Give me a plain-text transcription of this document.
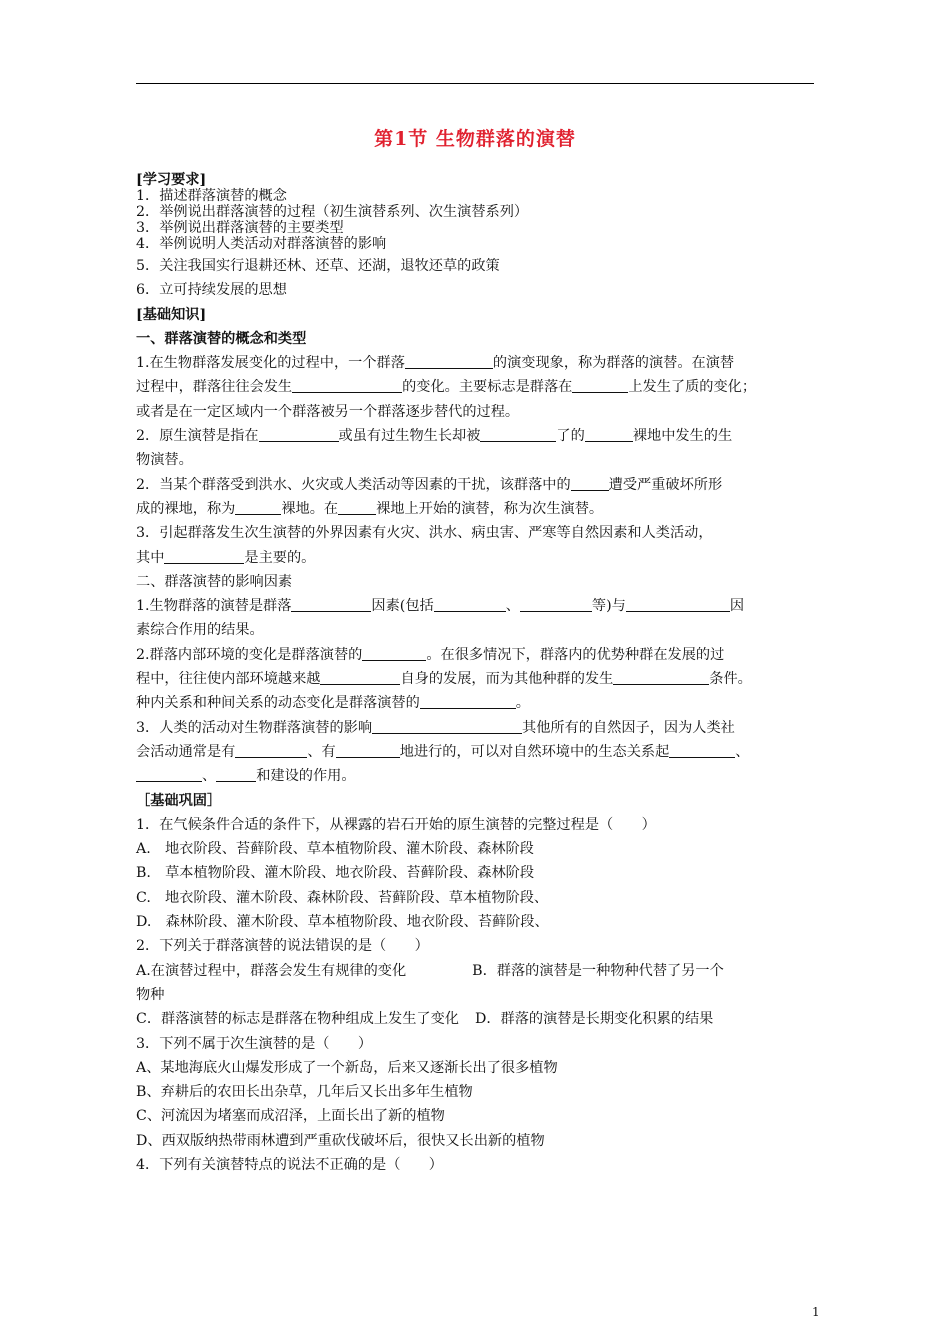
第1节 生物群落的演替
[学习要求]
1．描述群落演替的概念
2．举例说出群落演替的过程（初生演替系列、次生演替系列）
3．举例说出群落演替的主要类型
4．举例说明人类活动对群落演替的影响
5．关注我国实行退耕还林、还草、还湖，退牧还草的政策
6．立可持续发展的思想
[基础知识]
一、群落演替的概念和类型
1.在生物群落发展变化的过程中，一个群落	的演变现象，称为群落的演替。在演替
过程中，群落往往会发生	的变化。主要标志是群落在	上发生了质的变化；
或者是在一定区域内一个群落被另一个群落逐步替代的过程。
2．原生演替是指在	或虽有过生物生长却被	了的	裸地中发生的生
物演替。
2．当某个群落受到洪水、火灾或人类活动等因素的干扰，该群落中的	遭受严重破坏所形
成的裸地，称为	裸地。在	裸地上开始的演替，称为次生演替。
3．引起群落发生次生演替的外界因素有火灾、洪水、病虫害、严寒等自然因素和人类活动，
其中	是主要的。
二、群落演替的影响因素
1.生物群落的演替是群落	因素(包括	、	等)与	因
素综合作用的结果。
2.群落内部环境的变化是群落演替的	。在很多情况下，群落内的优势种群在发展的过
程中，往往使内部环境越来越	自身的发展，而为其他种群的发生	条件。
种内关系和种间关系的动态变化是群落演替的	。
3．人类的活动对生物群落演替的影响	其他所有的自然因子，因为人类社
会活动通常是有	、有	地进行的，可以对自然环境中的生态关系起	、
、	和建设的作用。
［基础巩固］
1．在气候条件合适的条件下，从裸露的岩石开始的原生演替的完整过程是（　　）
A.　地衣阶段、苔藓阶段、草本植物阶段、灌木阶段、森林阶段
B.　草本植物阶段、灌木阶段、地衣阶段、苔藓阶段、森林阶段
C.　地衣阶段、灌木阶段、森林阶段、苔藓阶段、草本植物阶段、
D.　森林阶段、灌木阶段、草本植物阶段、地衣阶段、苔藓阶段、
2．下列关于群落演替的说法错误的是（　　）
A.在演替过程中，群落会发生有规律的变化	B．群落的演替是一种物种代替了另一个
物种
C．群落演替的标志是群落在物种组成上发生了变化 D．群落的演替是长期变化积累的结果
3．下列不属于次生演替的是（　　）
A、某地海底火山爆发形成了一个新岛，后来又逐渐长出了很多植物
B、弃耕后的农田长出杂草，几年后又长出多年生植物
C、河流因为堵塞而成沼泽，上面长出了新的植物
D、西双版纳热带雨林遭到严重砍伐破坏后，很快又长出新的植物
4．下列有关演替特点的说法不正确的是（　　）
1
